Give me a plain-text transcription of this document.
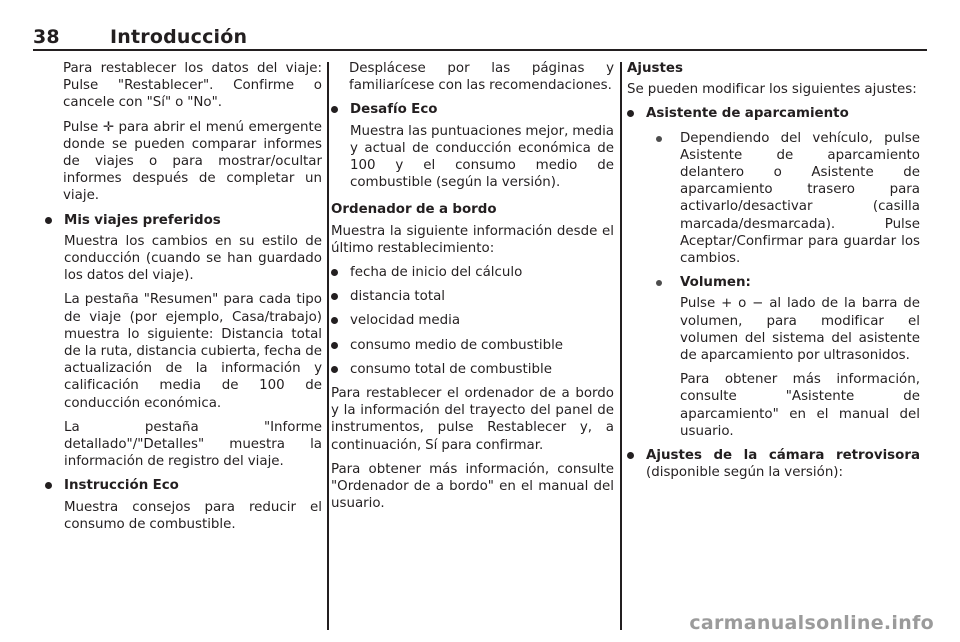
38	Introducción
Para restablecer los datos del viaje: Pulse "Restablecer". Confirme o cancele con "Sí" o "No".
Pulse ✛ para abrir el menú emergente donde se pueden comparar informes de viajes o para mostrar/ocultar informes después de completar un viaje.
Mis viajes preferidos
Muestra los cambios en su estilo de conducción (cuando se han guardado los datos del viaje).
La pestaña "Resumen" para cada tipo de viaje (por ejemplo, Casa/trabajo) muestra lo siguiente: Distancia total de la ruta, distancia cubierta, fecha de actualización de la información y calificación media de 100 de conducción económica.
La pestaña "Informe detallado"/"Detalles" muestra la información de registro del viaje.
Instrucción Eco
Muestra consejos para reducir el consumo de combustible.
Desplácese por las páginas y familiarícese con las recomendaciones.
Desafío Eco
Muestra las puntuaciones mejor, media y actual de conducción económica de 100 y el consumo medio de combustible (según la versión).
Ordenador de a bordo
Muestra la siguiente información desde el último restablecimiento:
fecha de inicio del cálculo
distancia total
velocidad media
consumo medio de combustible
consumo total de combustible
Para restablecer el ordenador de a bordo y la información del trayecto del panel de instrumentos, pulse Restablecer y, a continuación, Sí para confirmar.
Para obtener más información, consulte "Ordenador de a bordo" en el manual del usuario.
Ajustes
Se pueden modificar los siguientes ajustes:
Asistente de aparcamiento
Dependiendo del vehículo, pulse Asistente de aparcamiento delantero o Asistente de aparcamiento trasero para activarlo/desactivar (casilla marcada/desmarcada). Pulse Aceptar/Confirmar para guardar los cambios.
Volumen:
Pulse + o − al lado de la barra de volumen, para modificar el volumen del sistema del asistente de aparcamiento por ultrasonidos.
Para obtener más información, consulte "Asistente de aparcamiento" en el manual del usuario.
Ajustes de la cámara retrovisora (disponible según la versión):
carmanualsonline.info
